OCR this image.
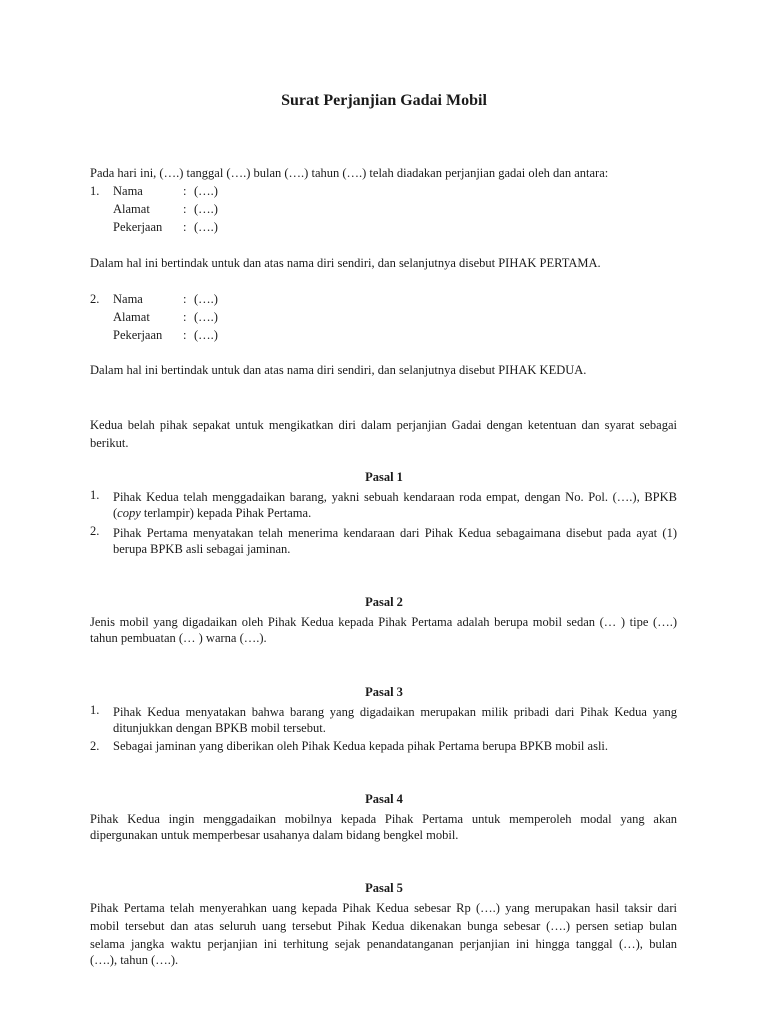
Surat Perjanjian Gadai Mobil
Pada hari ini, (….) tanggal (….) bulan (….) tahun (….) telah diadakan perjanjian gadai oleh dan antara:
1. Nama	: (….)
Alamat	: (….)
Pekerjaan : (….)
Dalam hal ini bertindak untuk dan atas nama diri sendiri, dan selanjutnya disebut PIHAK PERTAMA.
2. Nama	: (….)
Alamat	: (….)
Pekerjaan : (….)
Dalam hal ini bertindak untuk dan atas nama diri sendiri, dan selanjutnya disebut PIHAK KEDUA.
Kedua belah pihak sepakat untuk mengikatkan diri dalam perjanjian Gadai dengan ketentuan dan syarat sebagai berikut.
Pasal 1
1. Pihak Kedua telah menggadaikan barang, yakni sebuah kendaraan roda empat, dengan No. Pol. (….), BPKB
(copy terlampir) kepada Pihak Pertama.
2. Pihak Pertama menyatakan telah menerima kendaraan dari Pihak Kedua sebagaimana disebut pada ayat (1)
berupa BPKB asli sebagai jaminan.
Pasal 2
Jenis mobil yang digadaikan oleh Pihak Kedua kepada Pihak Pertama adalah berupa mobil sedan (… ) tipe (….)
tahun pembuatan (… ) warna (….).
Pasal 3
1. Pihak Kedua menyatakan bahwa barang yang digadaikan merupakan milik pribadi dari Pihak Kedua yang
ditunjukkan dengan BPKB mobil tersebut.
2. Sebagai jaminan yang diberikan oleh Pihak Kedua kepada pihak Pertama berupa BPKB mobil asli.
Pasal 4
Pihak Kedua ingin menggadaikan mobilnya kepada Pihak Pertama untuk memperoleh modal yang akan
dipergunakan untuk memperbesar usahanya dalam bidang bengkel mobil.
Pasal 5
Pihak Pertama telah menyerahkan uang kepada Pihak Kedua sebesar Rp (….) yang merupakan hasil taksir dari
mobil tersebut dan atas seluruh uang tersebut Pihak Kedua dikenakan bunga sebesar (….) persen setiap bulan
selama jangka waktu perjanjian ini terhitung sejak penandatanganan perjanjian ini hingga tanggal (…), bulan
(….), tahun (….).
